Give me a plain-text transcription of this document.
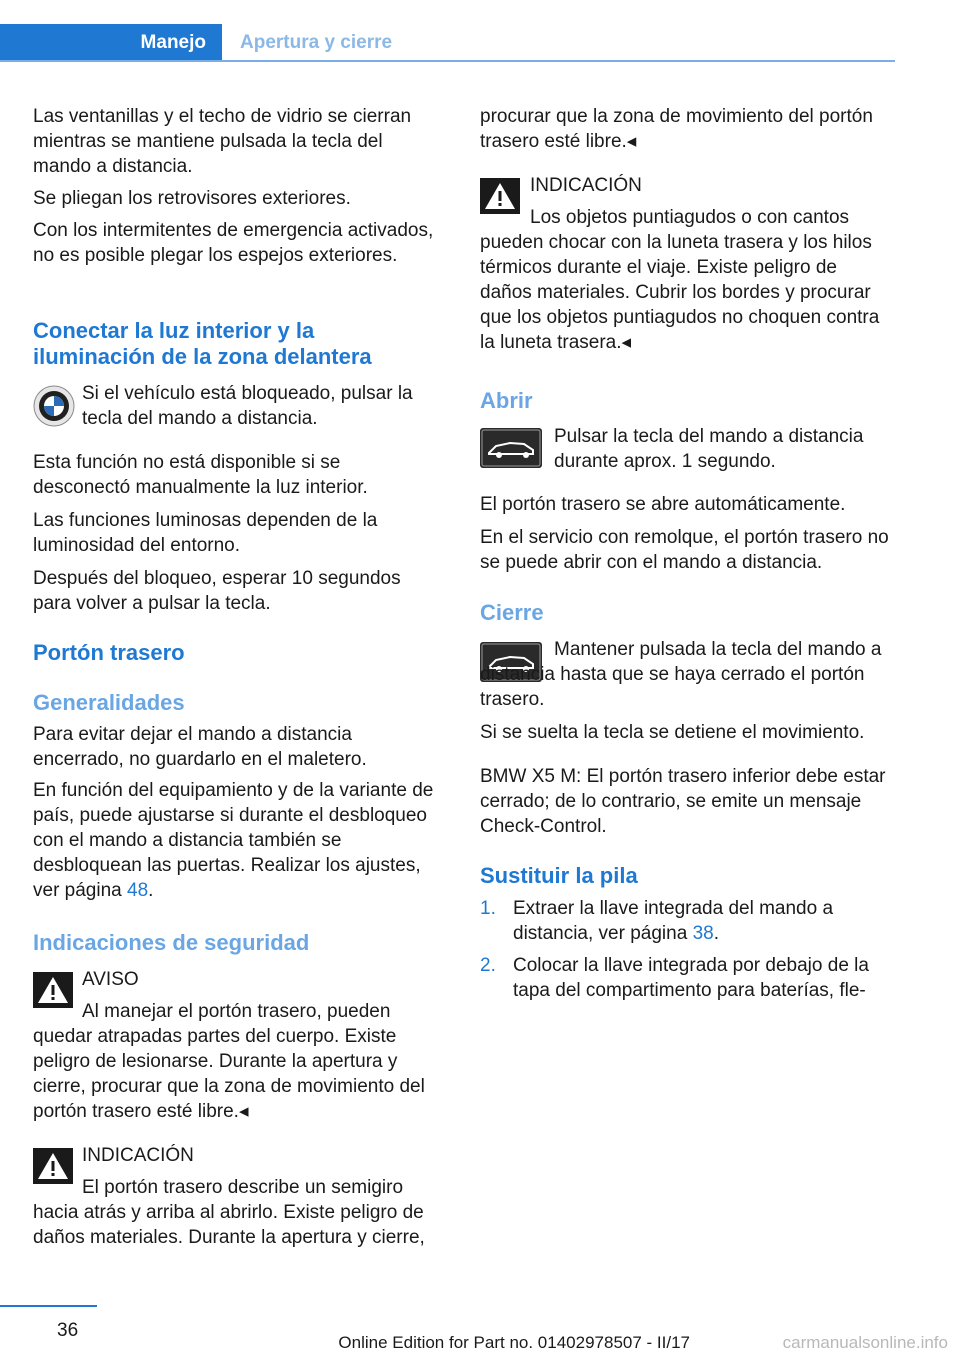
Manejo Apertura y cierre

Las ventanillas y el techo de vidrio se cierran mientras se mantiene pulsada la tecla del mando a distancia.

Se pliegan los retrovisores exteriores.

Con los intermitentes de emergencia activados, no es posible plegar los espejos exteriores.

Conectar la luz interior y la iluminación de la zona delantera

Si el vehículo está bloqueado, pulsar la tecla del mando a distancia.

Esta función no está disponible si se desconectó manualmente la luz interior.

Las funciones luminosas dependen de la luminosidad del entorno.

Después del bloqueo, esperar 10 segundos para volver a pulsar la tecla.

Portón trasero
Generalidades

Para evitar dejar el mando a distancia encerrado, no guardarlo en el maletero.

En función del equipamiento y de la variante de país, puede ajustarse si durante el desbloqueo con el mando a distancia también se desbloquean las puertas. Realizar los ajustes, ver página 48.

Indicaciones de seguridad

AVISO

Al manejar el portón trasero, pueden quedar atrapadas partes del cuerpo. Existe peligro de lesionarse. Durante la apertura y cierre, procurar que la zona de movimiento del portón trasero esté libre.◂

INDICACIÓN

El portón trasero describe un semigiro hacia atrás y arriba al abrirlo. Existe peligro de daños materiales. Durante la apertura y cierre,

procurar que la zona de movimiento del portón trasero esté libre.◂

INDICACIÓN

Los objetos puntiagudos o con cantos pueden chocar con la luneta trasera y los hilos térmicos durante el viaje. Existe peligro de daños materiales. Cubrir los bordes y procurar que los objetos puntiagudos no choquen contra la luneta trasera.◂

Abrir

Pulsar la tecla del mando a distancia durante aprox. 1 segundo.

El portón trasero se abre automáticamente.

En el servicio con remolque, el portón trasero no se puede abrir con el mando a distancia.

Cierre

Mantener pulsada la tecla del mando a distancia hasta que se haya cerrado el portón trasero.

Si se suelta la tecla se detiene el movimiento.

BMW X5 M: El portón trasero inferior debe estar cerrado; de lo contrario, se emite un mensaje Check-Control.

Sustituir la pila
1. Extraer la llave integrada del mando a distancia, ver página 38.
2. Colocar la llave integrada por debajo de la tapa del compartimento para baterías, fle-
36
Online Edition for Part no. 01402978507 - II/17	carmanualsonline.info
